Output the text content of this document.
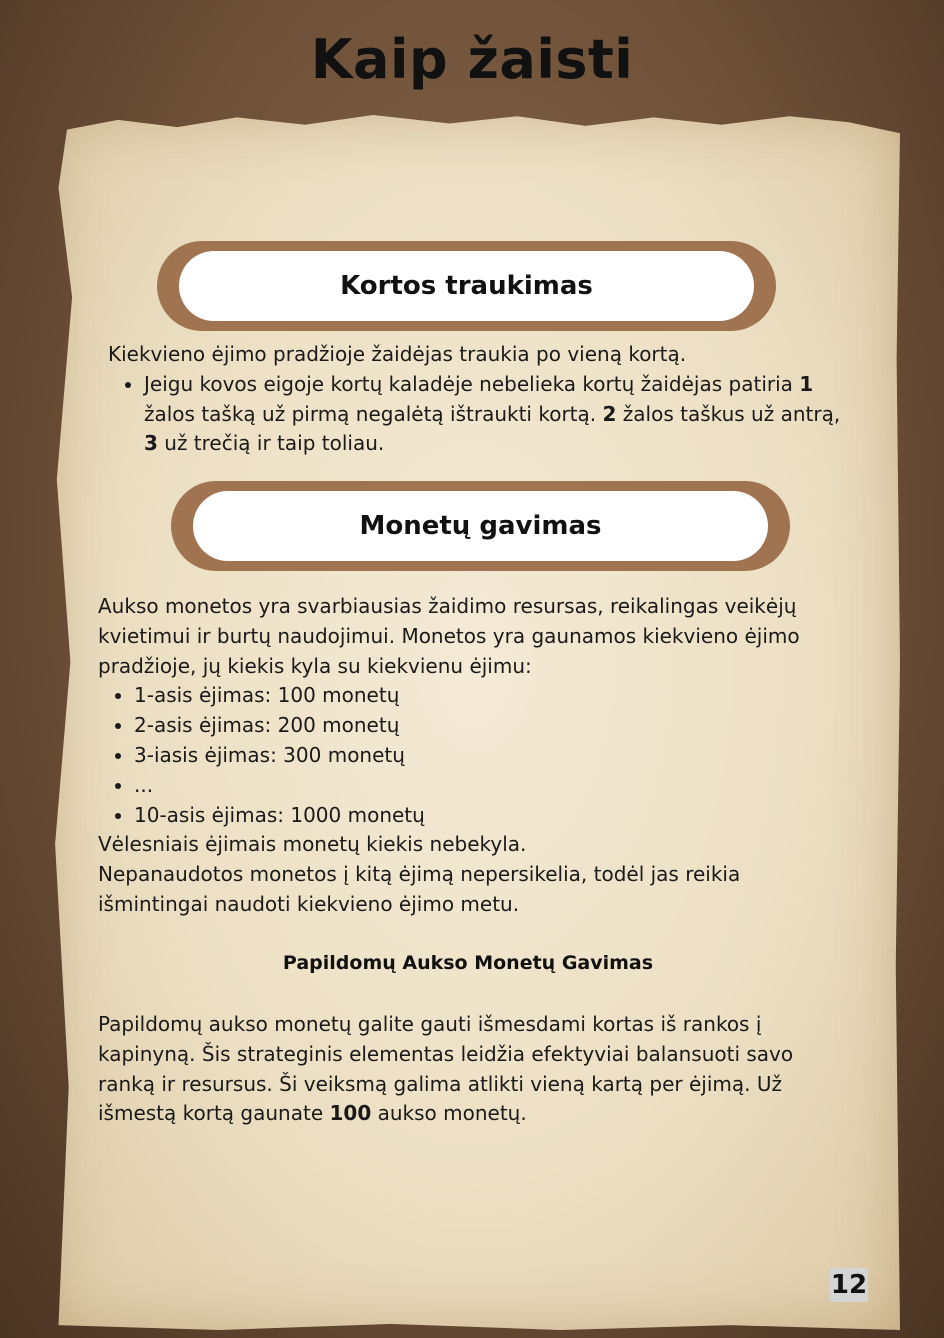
Kaip žaisti
Kortos traukimas

Kiekvieno ėjimo pradžioje žaidėjas traukia po vieną kortą.

• Jeigu kovos eigoje kortų kaladėje nebelieka kortų žaidėjas patiria 1 žalos tašką už pirmą negalėtą ištraukti kortą. 2 žalos taškus už antrą, 3 už trečią ir taip toliau.
Monetų gavimas

Aukso monetos yra svarbiausias žaidimo resursas, reikalingas veikėjų kvietimui ir burtų naudojimui. Monetos yra gaunamos kiekvieno ėjimo pradžioje, jų kiekis kyla su kiekvienu ėjimu:

• 1-asis ėjimas: 100 monetų
• 2-asis ėjimas: 200 monetų
• 3-iasis ėjimas: 300 monetų
• ...
• 10-asis ėjimas: 1000 monetų

Vėlesniais ėjimais monetų kiekis nebekyla.

Nepanaudotos monetos į kitą ėjimą nepersikelia, todėl jas reikia išmintingai naudoti kiekvieno ėjimo metu.

Papildomų Aukso Monetų Gavimas

Papildomų aukso monetų galite gauti išmesdami kortas iš rankos į kapinyną. Šis strateginis elementas leidžia efektyviai balansuoti savo ranką ir resursus. Ši veiksmą galima atlikti vieną kartą per ėjimą. Už išmestą kortą gaunate 100 aukso monetų.

12
